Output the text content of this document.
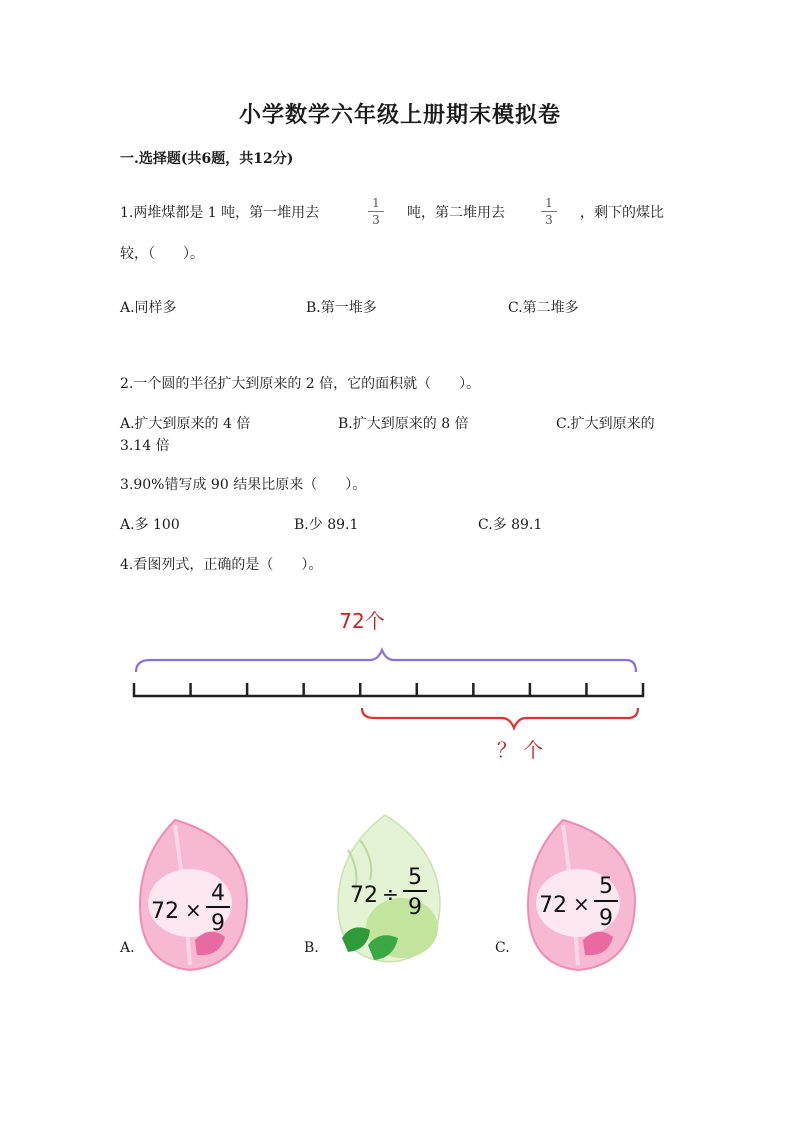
小学数学六年级上册期末模拟卷
一.选择题(共6题，共12分)
1.两堆煤都是 1 吨，第一堆用去
1
3	吨，第二堆用去
1
3	，剩下的煤比
较，（　　）。
A.同样多	B.第一堆多	C.第二堆多
2.一个圆的半径扩大到原来的 2 倍，它的面积就（　　）。
A.扩大到原来的 4 倍	B.扩大到原来的 8 倍	C.扩大到原来的
3.14 倍
3.90%错写成 90 结果比原来（　　）。
A.多 100	B.少 89.1	C.多 89.1
4.看图列式，正确的是（　　）。
72个
？ 个
A.
72 ×
4
9
B.
72 ÷
5
9
C.
72 ×
5
9
